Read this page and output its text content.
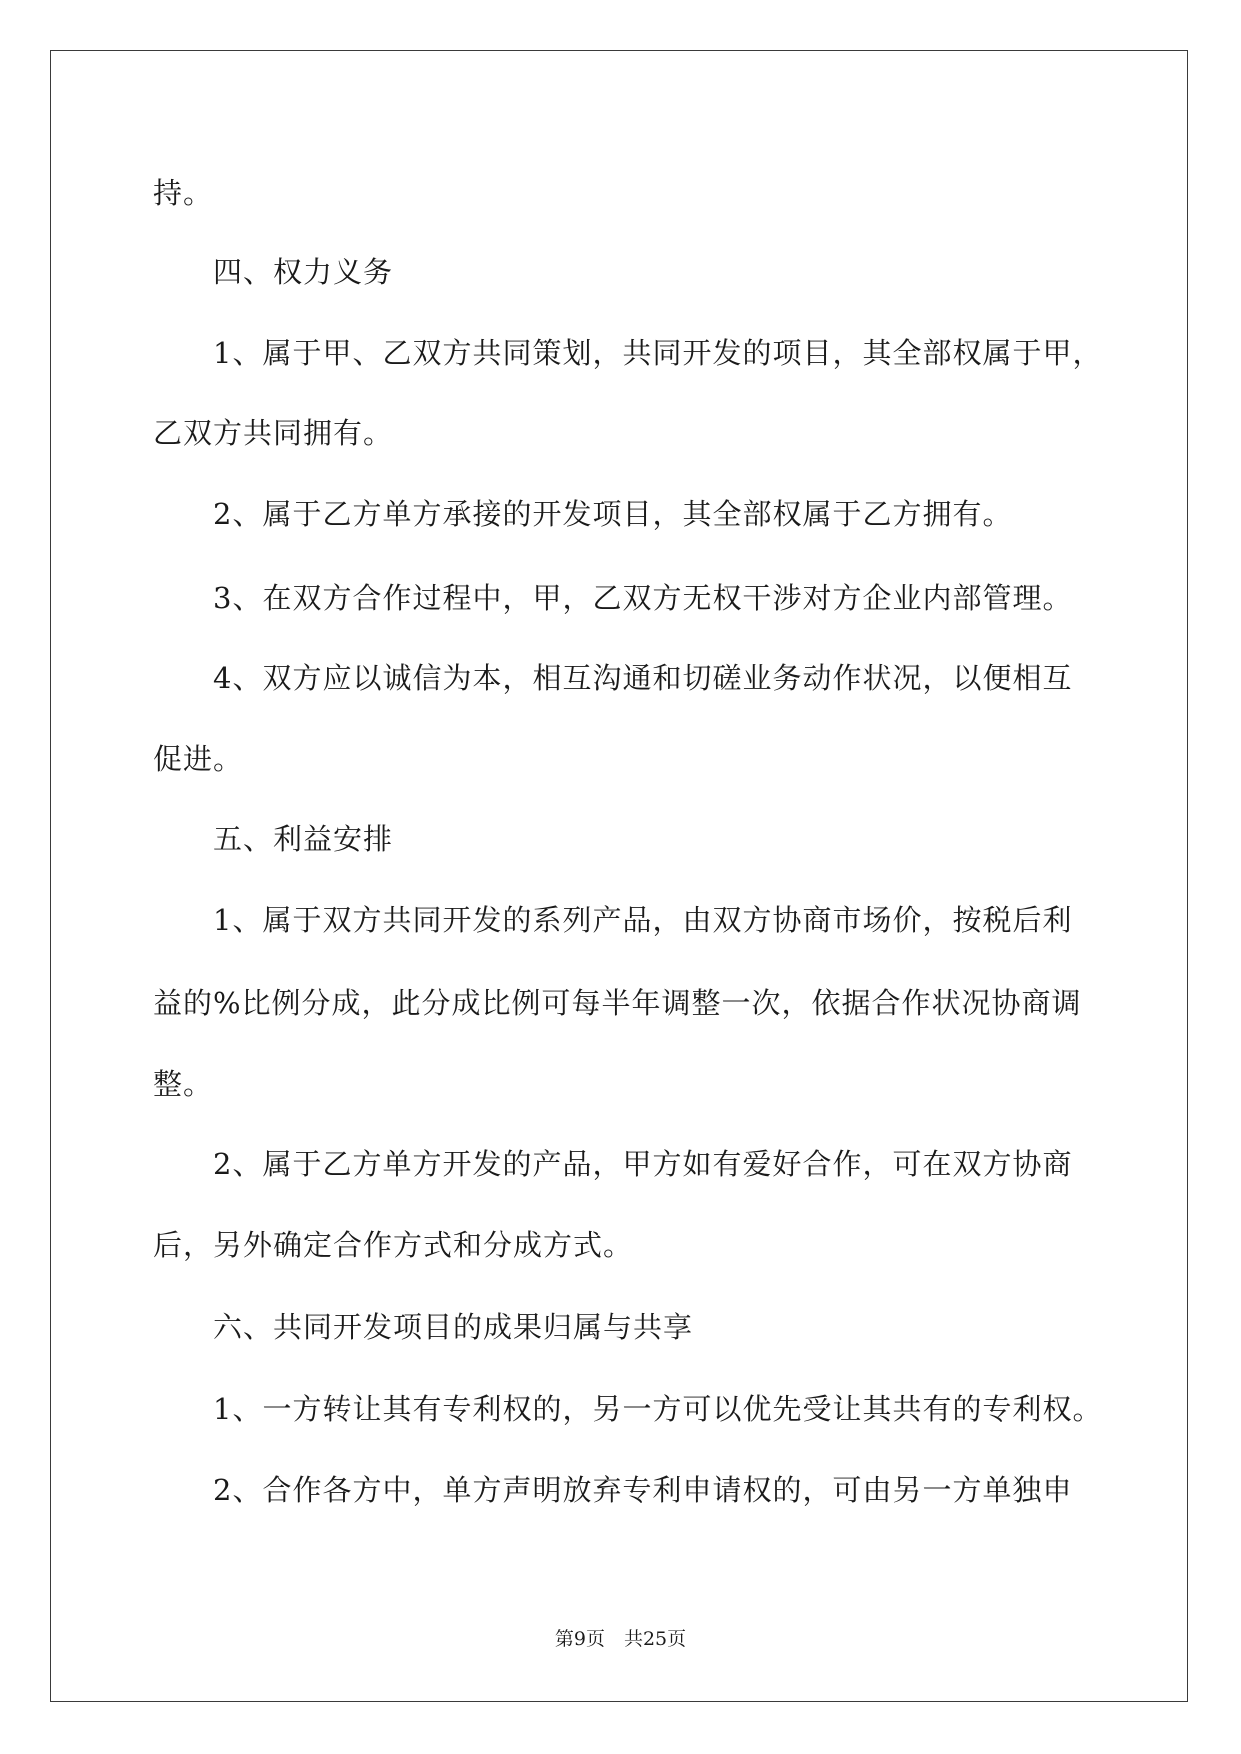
持。
四、权力义务
1、属于甲、乙双方共同策划，共同开发的项目，其全部权属于甲，
乙双方共同拥有。
2、属于乙方单方承接的开发项目，其全部权属于乙方拥有。
3、在双方合作过程中，甲，乙双方无权干涉对方企业内部管理。
4、双方应以诚信为本，相互沟通和切磋业务动作状况，以便相互
促进。
五、利益安排
1、属于双方共同开发的系列产品，由双方协商市场价，按税后利
益的%比例分成，此分成比例可每半年调整一次，依据合作状况协商调
整。
2、属于乙方单方开发的产品，甲方如有爱好合作，可在双方协商
后，另外确定合作方式和分成方式。
六、共同开发项目的成果归属与共享
1、一方转让其有专利权的，另一方可以优先受让其共有的专利权。
2、合作各方中，单方声明放弃专利申请权的，可由另一方单独申
第9页　共25页
